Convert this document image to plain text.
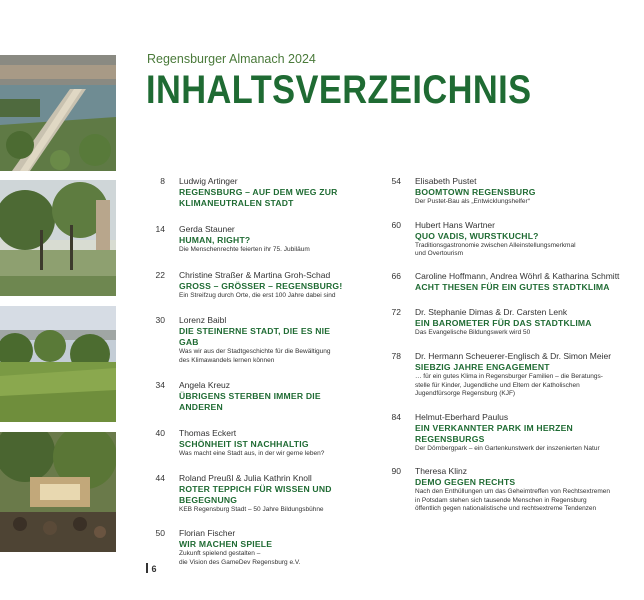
Regensburger Almanach 2024
INHALTSVERZEICHNIS
8 Ludwig Artinger
REGENSBURG – AUF DEM WEG ZUR
KLIMANEUTRALEN STADT
14 Gerda Stauner
HUMAN, RIGHT?
Die Menschenrechte feierten ihr 75. Jubiläum
22 Christine Straßer & Martina Groh-Schad
GROSS – GRÖSSER – REGENSBURG!
Ein Streifzug durch Orte, die erst 100 Jahre dabei sind
30 Lorenz Baibl
DIE STEINERNE STADT, DIE ES NIE GAB
Was wir aus der Stadtgeschichte für die Bewältigung
des Klimawandels lernen können
34 Angela Kreuz
ÜBRIGENS STERBEN IMMER DIE ANDEREN
40 Thomas Eckert
SCHÖNHEIT IST NACHHALTIG
Was macht eine Stadt aus, in der wir gerne leben?
44 Roland Preußl & Julia Kathrin Knoll
ROTER TEPPICH FÜR WISSEN UND
BEGEGNUNG
KEB Regensburg Stadt – 50 Jahre Bildungsbühne
50 Florian Fischer
WIR MACHEN SPIELE
Zukunft spielend gestalten –
die Vision des GameDev Regensburg e.V.
54 Elisabeth Pustet
BOOMTOWN REGENSBURG
Der Pustet-Bau als „Entwicklungshelfer“
60 Hubert Hans Wartner
QUO VADIS, WURSTKUCHL?
Traditionsgastronomie zwischen Alleinstellungsmerkmal
und Overtourism
66 Caroline Hoffmann, Andrea Wöhrl & Katharina Schmitt
ACHT THESEN FÜR EIN GUTES STADTKLIMA
72 Dr. Stephanie Dimas & Dr. Carsten Lenk
EIN BAROMETER FÜR DAS STADTKLIMA
Das Evangelische Bildungswerk wird 50
78 Dr. Hermann Scheuerer-Englisch & Dr. Simon Meier
SIEBZIG JAHRE ENGAGEMENT
… für ein gutes Klima in Regensburger Familien – die Beratungs-
stelle für Kinder, Jugendliche und Eltern der Katholischen
Jugendfürsorge Regensburg (KJF)
84 Helmut-Eberhard Paulus
EIN VERKANNTER PARK IM HERZEN
REGENSBURGS
Der Dörnbergpark – ein Gartenkunstwerk der inszenierten Natur
90 Theresa Klinz
DEMO GEGEN RECHTS
Nach den Enthüllungen um das Geheimtreffen von Rechtsextremen
in Potsdam stehen sich tausende Menschen in Regensburg
öffentlich gegen nationalistische und rechtsextreme Tendenzen
6
